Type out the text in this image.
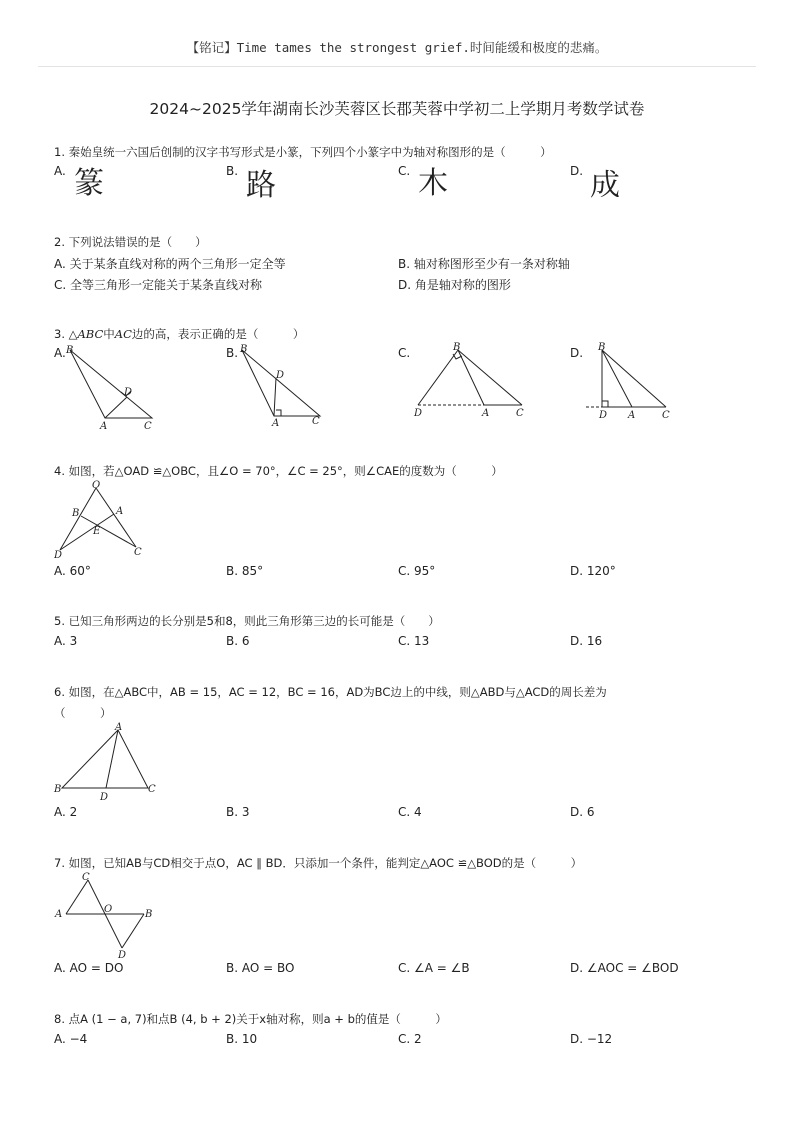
【铭记】Time tames the strongest grief.时间能缓和极度的悲痛。
2024~2025学年湖南长沙芙蓉区长郡芙蓉中学初二上学期月考数学试卷
1. 秦始皇统一六国后创制的汉字书写形式是小篆，下列四个小篆字中为轴对称图形的是（　　　）
A.	B.	C.	D.
篆	路	木	成
2. 下列说法错误的是（　　）
A. 关于某条直线对称的两个三角形一定全等	B. 轴对称图形至少有一条对称轴
C. 全等三角形一定能关于某条直线对称	D. 角是轴对称的图形
3. △ABC中AC边的高，表示正确的是（　　　）
A.	B.	C.	D.
B
D
A	C
B
D
A	C
B
D	A	C
B
D A	C
4. 如图，若△OAD ≌△OBC，且∠O = 70°，∠C = 25°，则∠CAE的度数为（　　　）
O
B	A
E
D	C
A. 60°	B. 85°	C. 95°	D. 120°
5. 已知三角形两边的长分别是5和8，则此三角形第三边的长可能是（　　）
A. 3	B. 6	C. 13	D. 16
6. 如图，在△ABC中，AB = 15，AC = 12，BC = 16，AD为BC边上的中线，则△ABD与△ACD的周长差为
（　　　）
A
B
D
C
A. 2	B. 3	C. 4	D. 6
7. 如图，已知AB与CD相交于点O，AC ∥ BD．只添加一个条件，能判定△AOC ≌△BOD的是（　　　）
C
A	O	B
D
A. AO = DO	B. AO = BO	C. ∠A = ∠B	D. ∠AOC = ∠BOD
8. 点A (1 − a, 7)和点B (4, b + 2)关于x轴对称，则a + b的值是（　　　）
A. −4	B. 10	C. 2	D. −12
